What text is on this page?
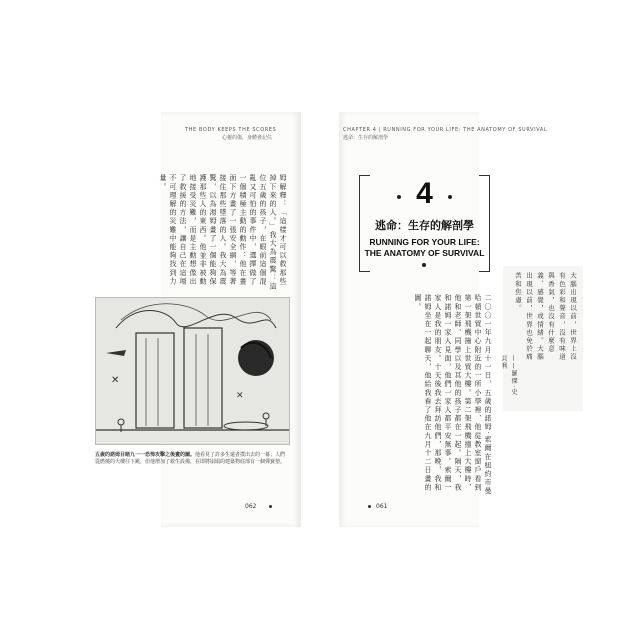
THE BODY KEEPS THE SCORES
心靈的傷，身體會記住
姆解釋：「這樣才可以救那些掉下來的人。」我大為震驚：這位五歲的孩子，在眼前這個混亂又可怕的事件中，選擇做了一個積極主動的動作：他在畫面下方畫了一張安全網，等著接住那些墜落的人。我大為震驚，以為湯姆畫了一個能夠保護那些人的東西。他並非被動地接受災難，而是主動想像出了救援的方法，讓自己在這場不可理解的災難中能夠找到力量。
✕
✕
五歲的諾姆目睹九一一恐怖攻擊之後畫的圖。他看見了許多生還者撲出去的一幕；人們從燃燒的大樓往下跳，但他增加了救生設備，在即將崩塌的建築物底部有一個彈簧墊。
062
CHAPTER 4 | RUNNING FOR YOUR LIFE: THE ANATOMY OF SURVIVAL
逃命：生存的解剖學
4
逃命：生存的解剖學
RUNNING FOR YOUR LIFE:
THE ANATOMY OF SURVIVAL
二〇〇一年九月十一日，五歲的諾姆‧索爾在紐約市曼哈頓世貿中心附近的一所小學裡，他從教室窗戶看到第一架飛機撞上世貿大樓。第二架飛機撞上大樓時，他和老師、同學以及其他的孩子都在一起。隔天，我和諾姆一家人見面，他們一家人都平安無事。索爾一家人是我的朋友。十天後我去拜訪他們，那晚，我和諾姆坐在一起聊天，他給我看了他在九月十二日畫的圖。	大腦出現以前，世界上沒有色彩和聲音，沒有味道與香氣，也沒有什麼意義、感覺，或情緒。大腦出現以前，世界也免於痛苦和焦慮。
——羅傑‧史貝利
061
